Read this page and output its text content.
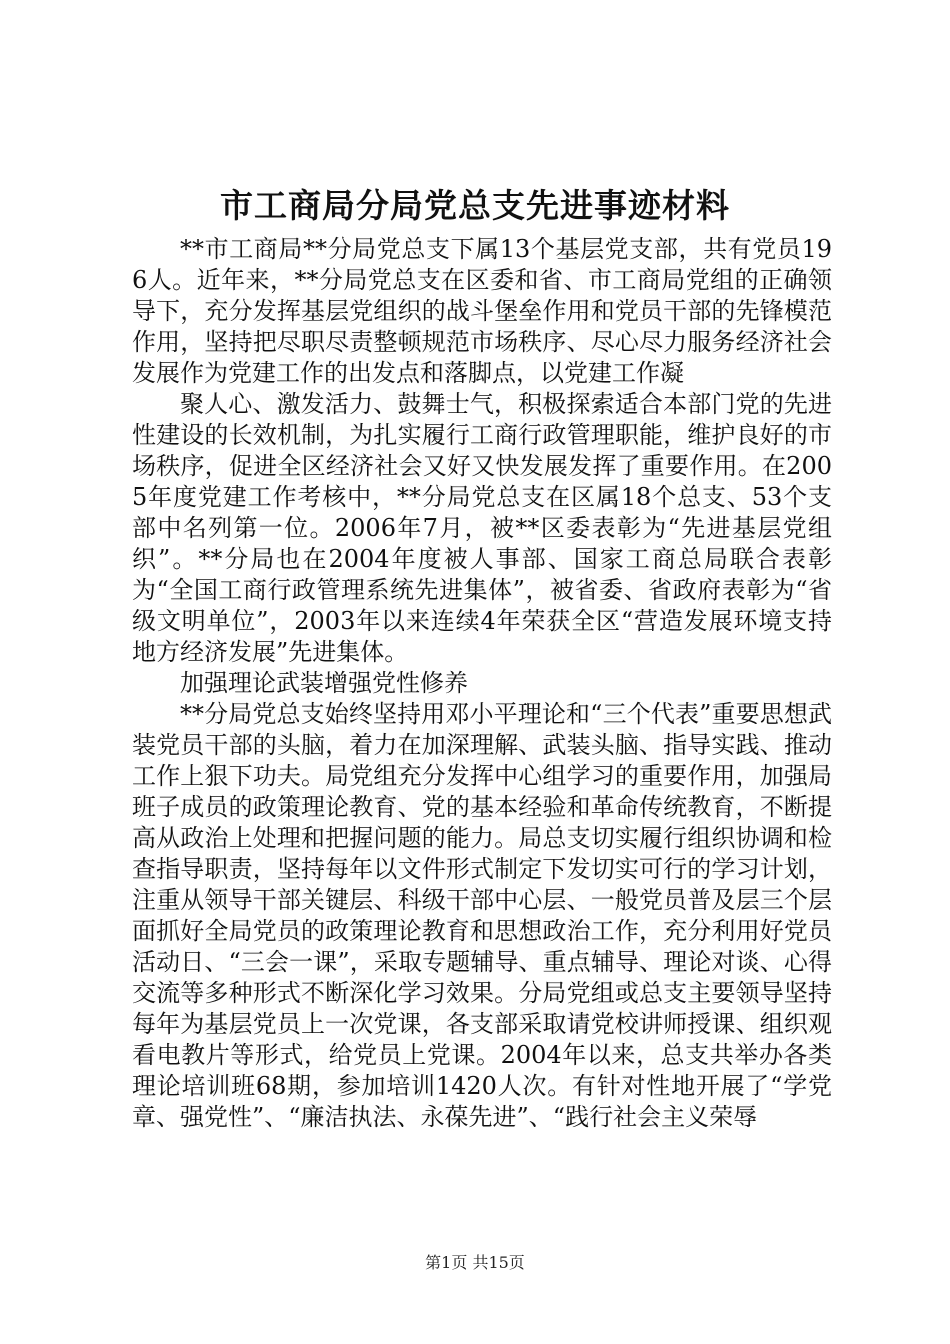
市工商局分局党总支先进事迹材料

**市工商局**分局党总支下属13个基层党支部，共有党员196人。近年来，**分局党总支在区委和省、市工商局党组的正确领导下，充分发挥基层党组织的战斗堡垒作用和党员干部的先锋模范作用，坚持把尽职尽责整顿规范市场秩序、尽心尽力服务经济社会发展作为党建工作的出发点和落脚点，以党建工作凝

聚人心、激发活力、鼓舞士气，积极探索适合本部门党的先进性建设的长效机制，为扎实履行工商行政管理职能，维护良好的市场秩序，促进全区经济社会又好又快发展发挥了重要作用。在2005年度党建工作考核中，**分局党总支在区属18个总支、53个支部中名列第一位。2006年7月，被**区委表彰为“先进基层党组织”。**分局也在2004年度被人事部、国家工商总局联合表彰为“全国工商行政管理系统先进集体”，被省委、省政府表彰为“省级文明单位”，2003年以来连续4年荣获全区“营造发展环境支持地方经济发展”先进集体。

加强理论武装增强党性修养

**分局党总支始终坚持用邓小平理论和“三个代表”重要思想武装党员干部的头脑，着力在加深理解、武装头脑、指导实践、推动工作上狠下功夫。局党组充分发挥中心组学习的重要作用，加强局班子成员的政策理论教育、党的基本经验和革命传统教育，不断提高从政治上处理和把握问题的能力。局总支切实履行组织协调和检查指导职责，坚持每年以文件形式制定下发切实可行的学习计划，注重从领导干部关键层、科级干部中心层、一般党员普及层三个层面抓好全局党员的政策理论教育和思想政治工作，充分利用好党员活动日、“三会一课”，采取专题辅导、重点辅导、理论对谈、心得交流等多种形式不断深化学习效果。分局党组或总支主要领导坚持每年为基层党员上一次党课，各支部采取请党校讲师授课、组织观看电教片等形式，给党员上党课。2004年以来，总支共举办各类理论培训班68期，参加培训1420人次。有针对性地开展了“学党章、强党性”、“廉洁执法、永葆先进”、“践行社会主义荣辱

第1页 共15页
